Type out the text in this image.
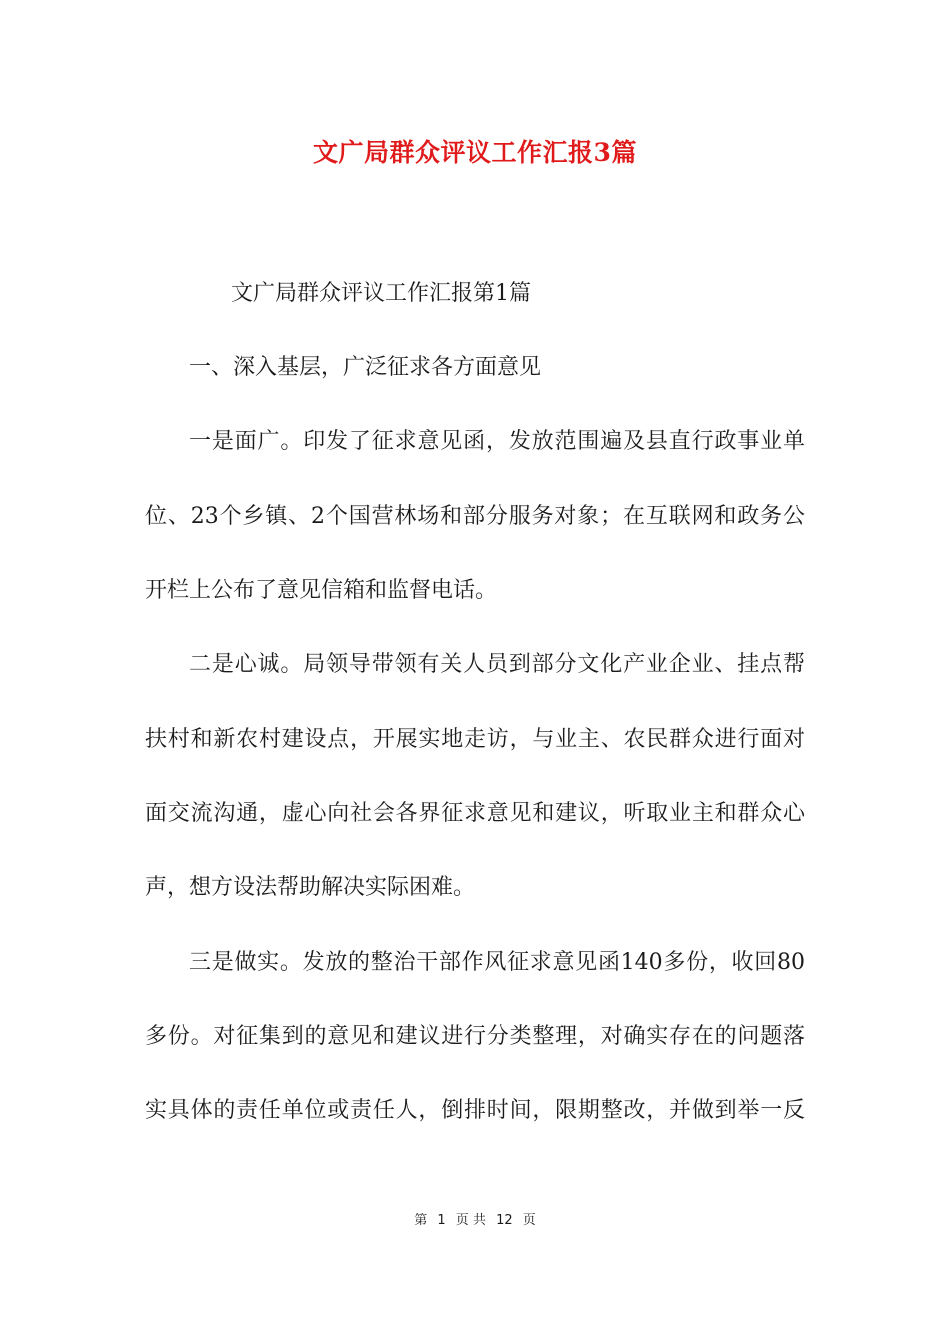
文广局群众评议工作汇报3篇

文广局群众评议工作汇报第1篇

一、深入基层，广泛征求各方面意见

一是面广。印发了征求意见函，发放范围遍及县直行政事业单

位、23个乡镇、2个国营林场和部分服务对象；在互联网和政务公

开栏上公布了意见信箱和监督电话。

二是心诚。局领导带领有关人员到部分文化产业企业、挂点帮

扶村和新农村建设点，开展实地走访，与业主、农民群众进行面对

面交流沟通，虚心向社会各界征求意见和建议，听取业主和群众心

声，想方设法帮助解决实际困难。

三是做实。发放的整治干部作风征求意见函140多份，收回80

多份。对征集到的意见和建议进行分类整理，对确实存在的问题落

实具体的责任单位或责任人，倒排时间，限期整改，并做到举一反

第 1 页 共 12 页
